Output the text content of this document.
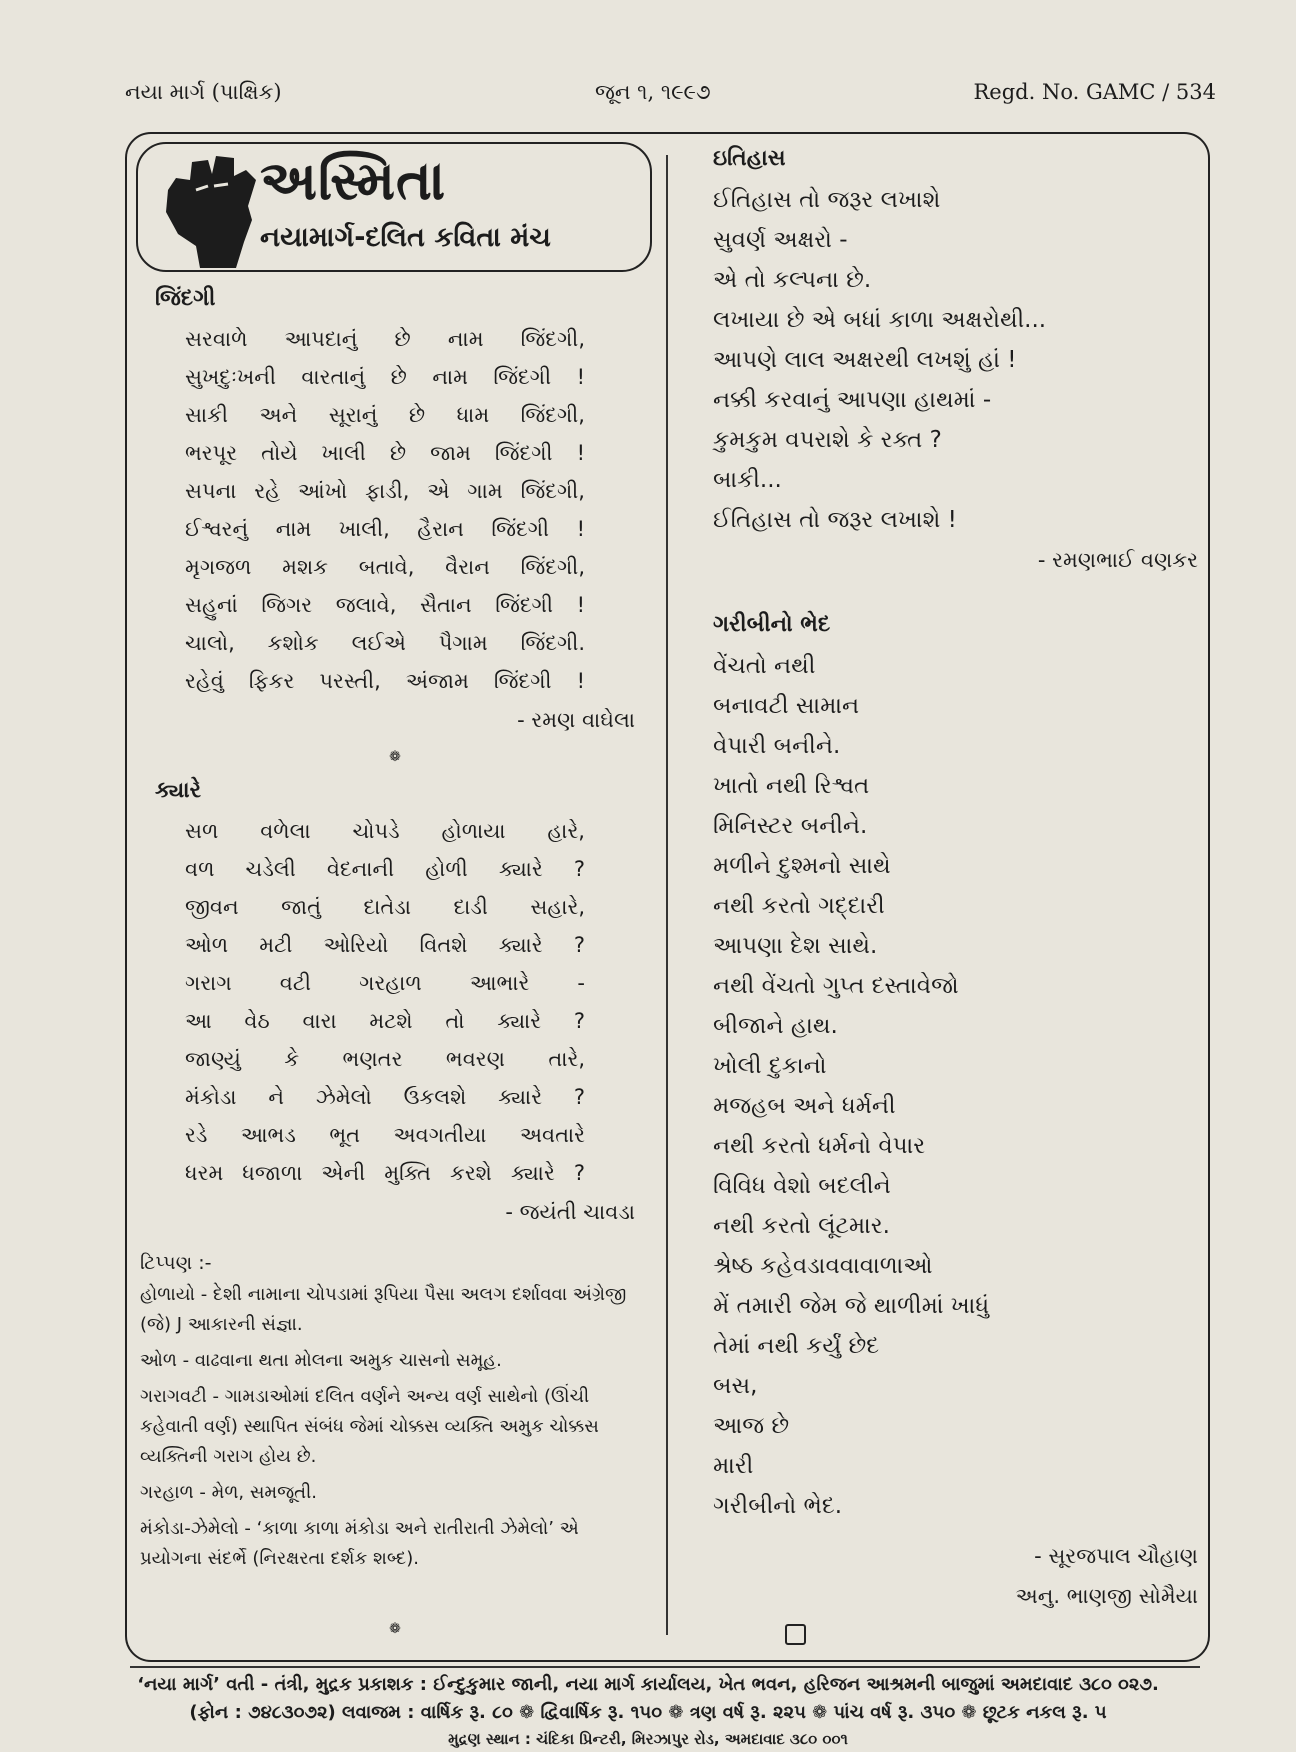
નયા માર્ગ (પાક્ષિક)	જૂન ૧, ૧૯૯૭	Regd. No. GAMC / 534
અસ્મિતા
નયામાર્ગ-દલિત કવિતા મંચ
જિંદગી
સરવાળે આપદાનું છે નામ જિંદગી,
સુખદુઃખની વારતાનું છે નામ જિંદગી !
સાકી અને સૂરાનું છે ધામ જિંદગી,
ભરપૂર તોયે ખાલી છે જામ જિંદગી !
સપના રહે આંખો ફાડી, એ ગામ જિંદગી,
ઈશ્વરનું નામ ખાલી, હૈરાન જિંદગી !
મૃગજળ મશક બતાવે, વૈરાન જિંદગી,
સહુનાં જિગર જલાવે, સૈતાન જિંદગી !
ચાલો, કશોક લઈએ પૈગામ જિંદગી.
રહેવું ફિકર પરસ્તી, અંજામ જિંદગી !
- રમણ વાઘેલા
❁
ક્યારે
સળ વળેલા ચોપડે હોળાયા હારે,
વળ ચડેલી વેદનાની હોળી ક્યારે ?
જીવન જાતું દાતેડા દાડી સહારે,
ઓળ મટી ઓરિયો વિતશે ક્યારે ?
ગરાગ વટી ગરહાળ આભારે -
આ વેઠ વારા મટશે તો ક્યારે ?
જાણ્યું કે ભણતર ભવરણ તારે,
મંકોડા ને ઝેમેલો ઉકલશે ક્યારે ?
રડે આભડ ભૂત અવગતીયા અવતારે
ધરમ ધજાળા એની મુક્તિ કરશે ક્યારે ?
- જયંતી ચાવડા
ટિપ્પણ :-
હોળાયો - દેશી નામાના ચોપડામાં રૂપિયા પૈસા અલગ દર્શાવવા અંગ્રેજી (જે) J આકારની સંજ્ઞા.
ઓળ - વાઢવાના થતા મોલના અમુક ચાસનો સમૂહ.
ગરાગવટી - ગામડાઓમાં દલિત વર્ણને અન્ય વર્ણ સાથેનો (ઊંચી કહેવાતી વર્ણ) સ્થાપિત સંબંધ જેમાં ચોક્કસ વ્યક્તિ અમુક ચોક્કસ વ્યક્તિની ગરાગ હોય છે.
ગરહાળ - મેળ, સમજૂતી.
મંકોડા-ઝેમેલો - ‘કાળા કાળા મંકોડા અને રાતીરાતી ઝેમેલો’ એ પ્રયોગના સંદર્ભે (નિરક્ષરતા દર્શક શબ્દ).
❁
ઇતિહાસ
ઈતિહાસ તો જરૂર લખાશે
સુવર્ણ અક્ષરો -
એ તો કલ્પના છે.
લખાયા છે એ બધાં કાળા અક્ષરોથી...
આપણે લાલ અક્ષરથી લખશું હાં !
નક્કી કરવાનું આપણા હાથમાં -
કુમકુમ વપરાશે કે રક્ત ?
બાકી...
ઈતિહાસ તો જરૂર લખાશે !
- રમણભાઈ વણકર
ગરીબીનો ભેદ
વેંચતો નથી
બનાવટી સામાન
વેપારી બનીને.
ખાતો નથી રિશ્વત
મિનિસ્ટર બનીને.
મળીને દુશ્મનો સાથે
નથી કરતો ગદ્દારી
આપણા દેશ સાથે.
નથી વેંચતો ગુપ્ત દસ્તાવેજો
બીજાને હાથ.
ખોલી દુકાનો
મજહબ અને ધર્મની
નથી કરતો ધર્મનો વેપાર
વિવિધ વેશો બદલીને
નથી કરતો લૂંટમાર.
શ્રેષ્ઠ કહેવડાવવાવાળાઓ
મેં તમારી જેમ જે થાળીમાં ખાધું
તેમાં નથી કર્યું છેદ
બસ,
આજ છે
મારી
ગરીબીનો ભેદ.
- સૂરજપાલ ચૌહાણ
અનુ. ભાણજી સોમૈયા
‘નયા માર્ગ’ વતી - તંત્રી, મુદ્રક પ્રકાશક : ઈન્દુકુમાર જાની, નયા માર્ગ કાર્યાલય, ખેત ભવન, હરિજન આશ્રમની બાજુમાં અમદાવાદ ૩૮૦ ૦૨૭.
(ફોન : ૭૪૮૩૦૭૨) લવાજમ : વાર્ષિક રૂ. ૮૦ ❁ દ્વિવાર્ષિક રૂ. ૧૫૦ ❁ ત્રણ વર્ષ રૂ. ૨૨૫ ❁ પાંચ વર્ષ રૂ. ૩૫૦ ❁ છૂટક નકલ રૂ. ૫
મુદ્રણ સ્થાન : ચંદિકા પ્રિન્ટરી, મિરઝાપુર રોડ, અમદાવાદ ૩૮૦ ૦૦૧
